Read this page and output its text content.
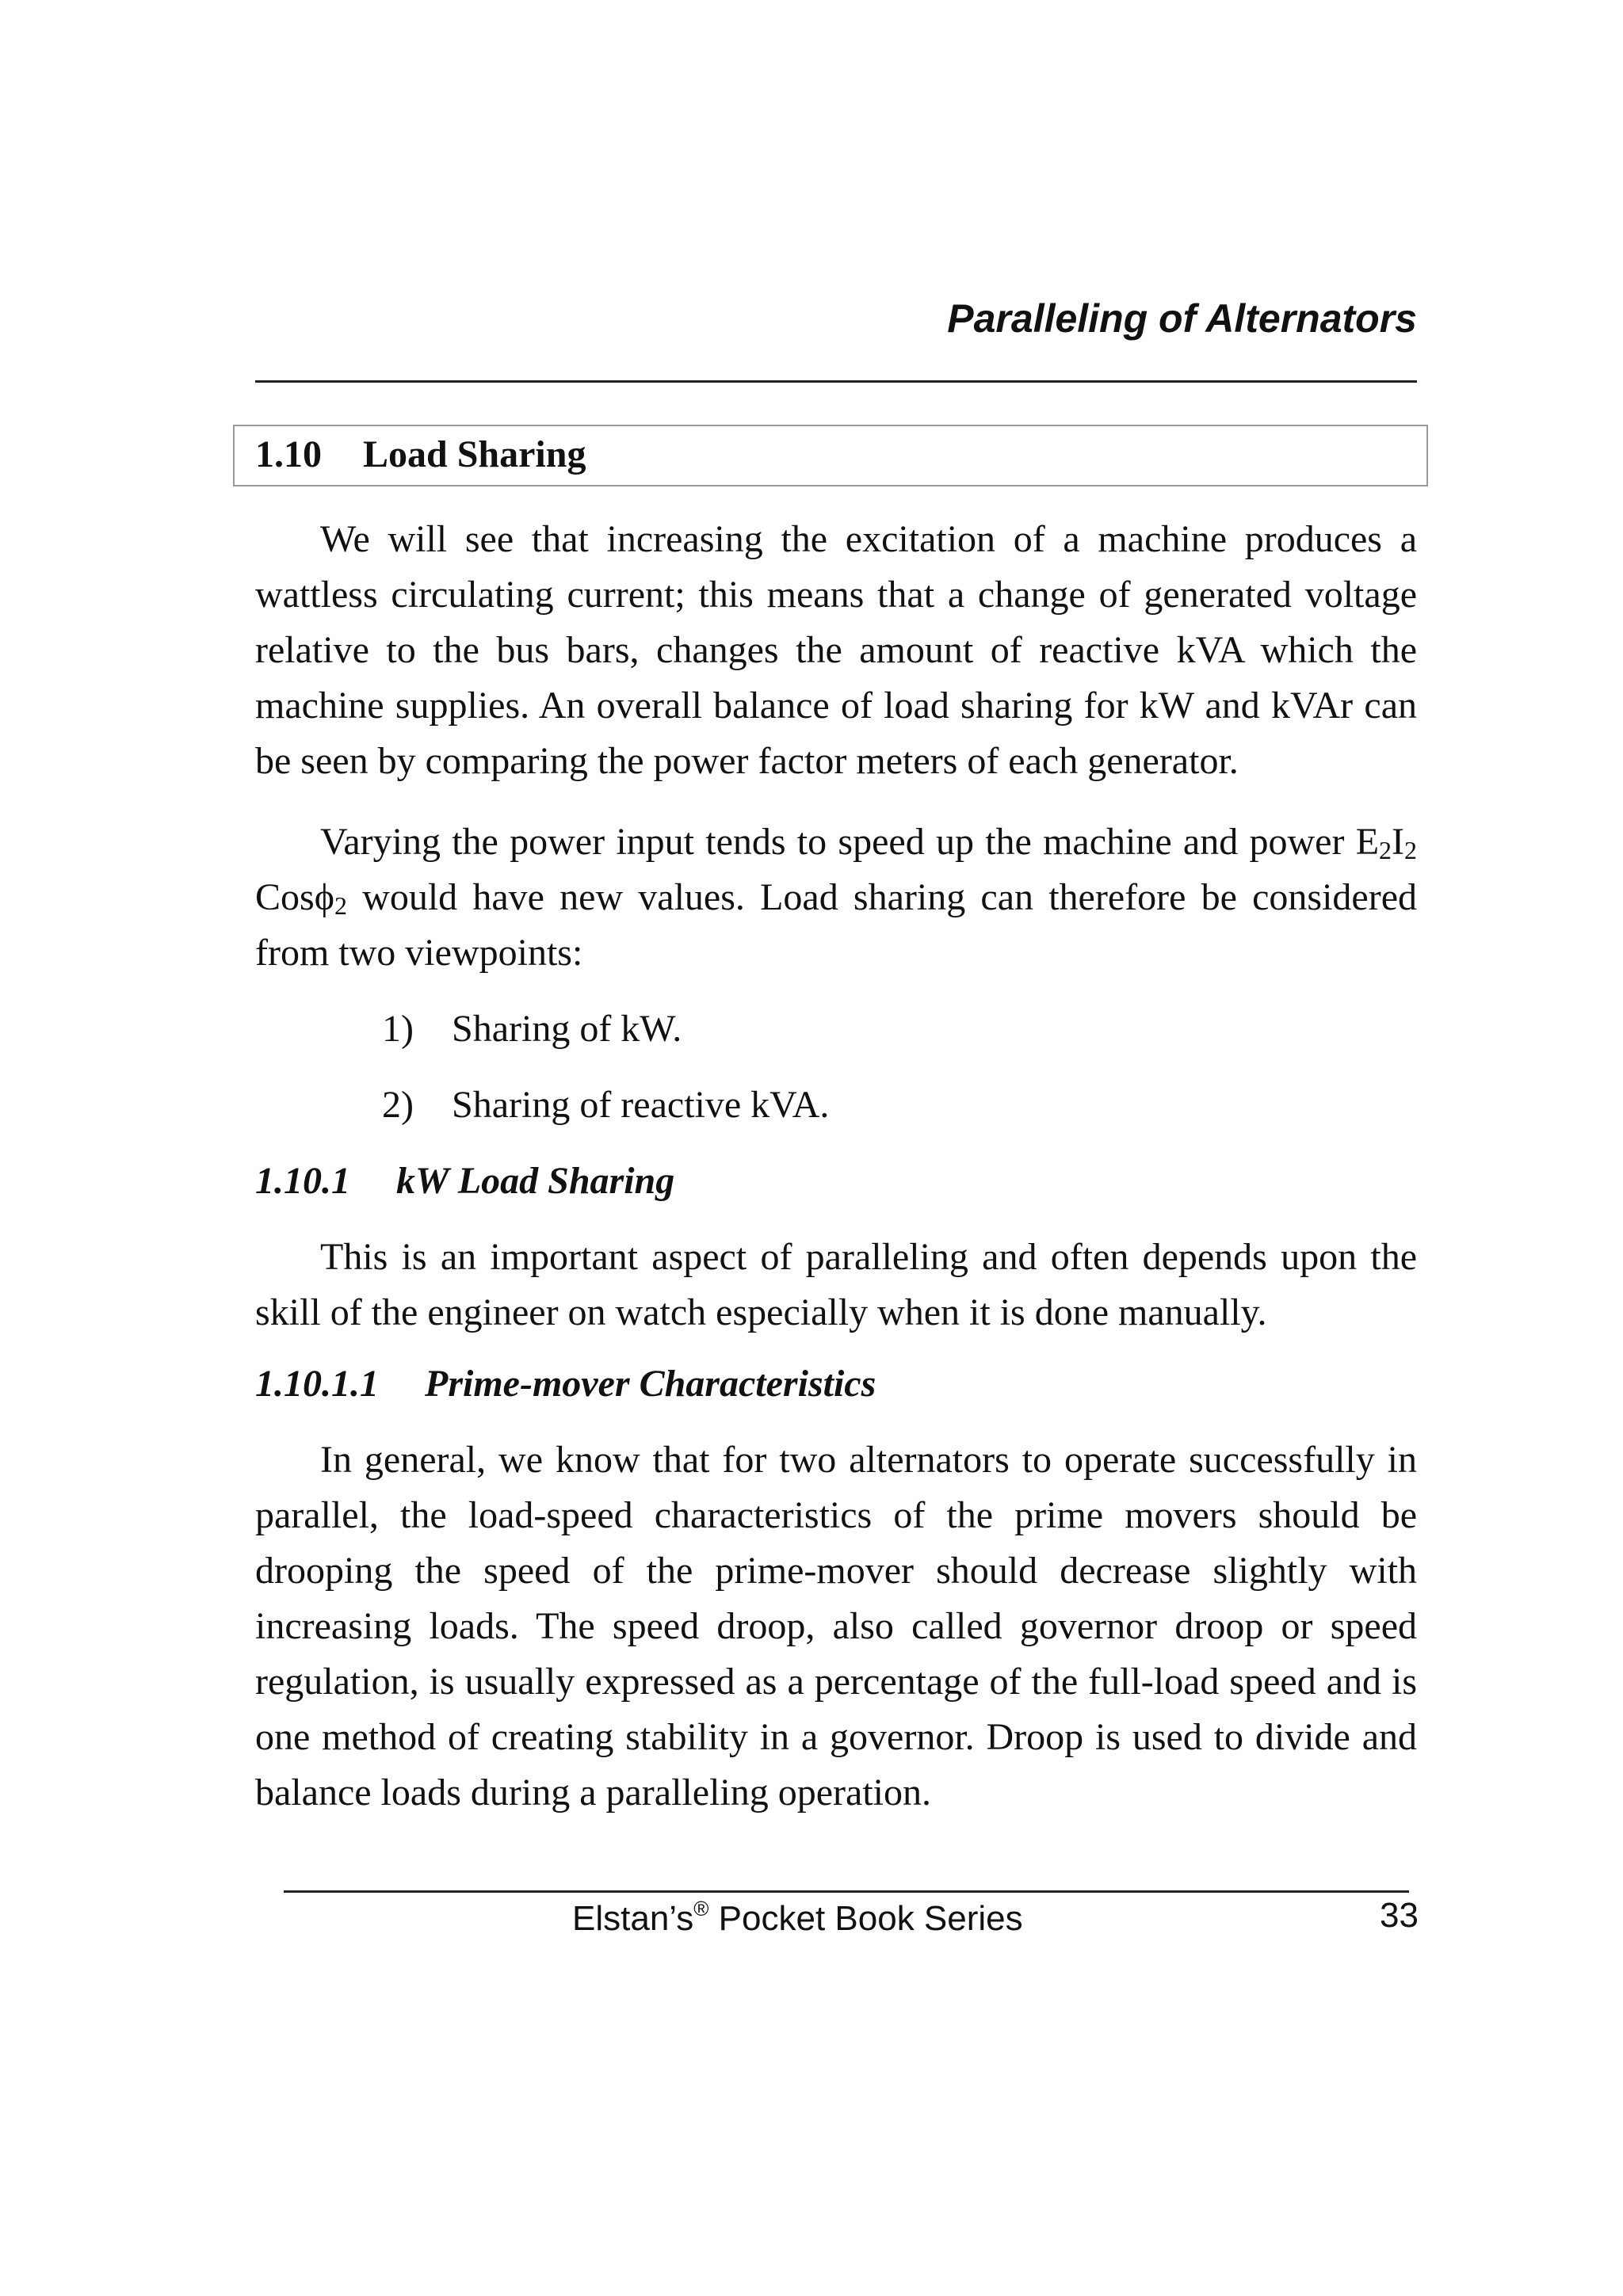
Paralleling of Alternators
1.10 Load Sharing

We will see that increasing the excitation of a machine produces a wattless circulating current; this means that a change of generated voltage relative to the bus bars, changes the amount of reactive kVA which the machine supplies. An overall balance of load sharing for kW and kVAr can be seen by comparing the power factor meters of each generator.

Varying the power input tends to speed up the machine and power E2I2 Cosϕ2 would have new values. Load sharing can therefore be considered from two viewpoints:

1) Sharing of kW.
2) Sharing of reactive kVA.
1.10.1 kW Load Sharing

This is an important aspect of paralleling and often depends upon the skill of the engineer on watch especially when it is done manually.

1.10.1.1 Prime-mover Characteristics

In general, we know that for two alternators to operate successfully in parallel, the load-speed characteristics of the prime movers should be drooping the speed of the prime-mover should decrease slightly with increasing loads. The speed droop, also called governor droop or speed regulation, is usually expressed as a percentage of the full-load speed and is one method of creating stability in a governor. Droop is used to divide and balance loads during a paralleling operation.

Elstan’s® Pocket Book Series	33
